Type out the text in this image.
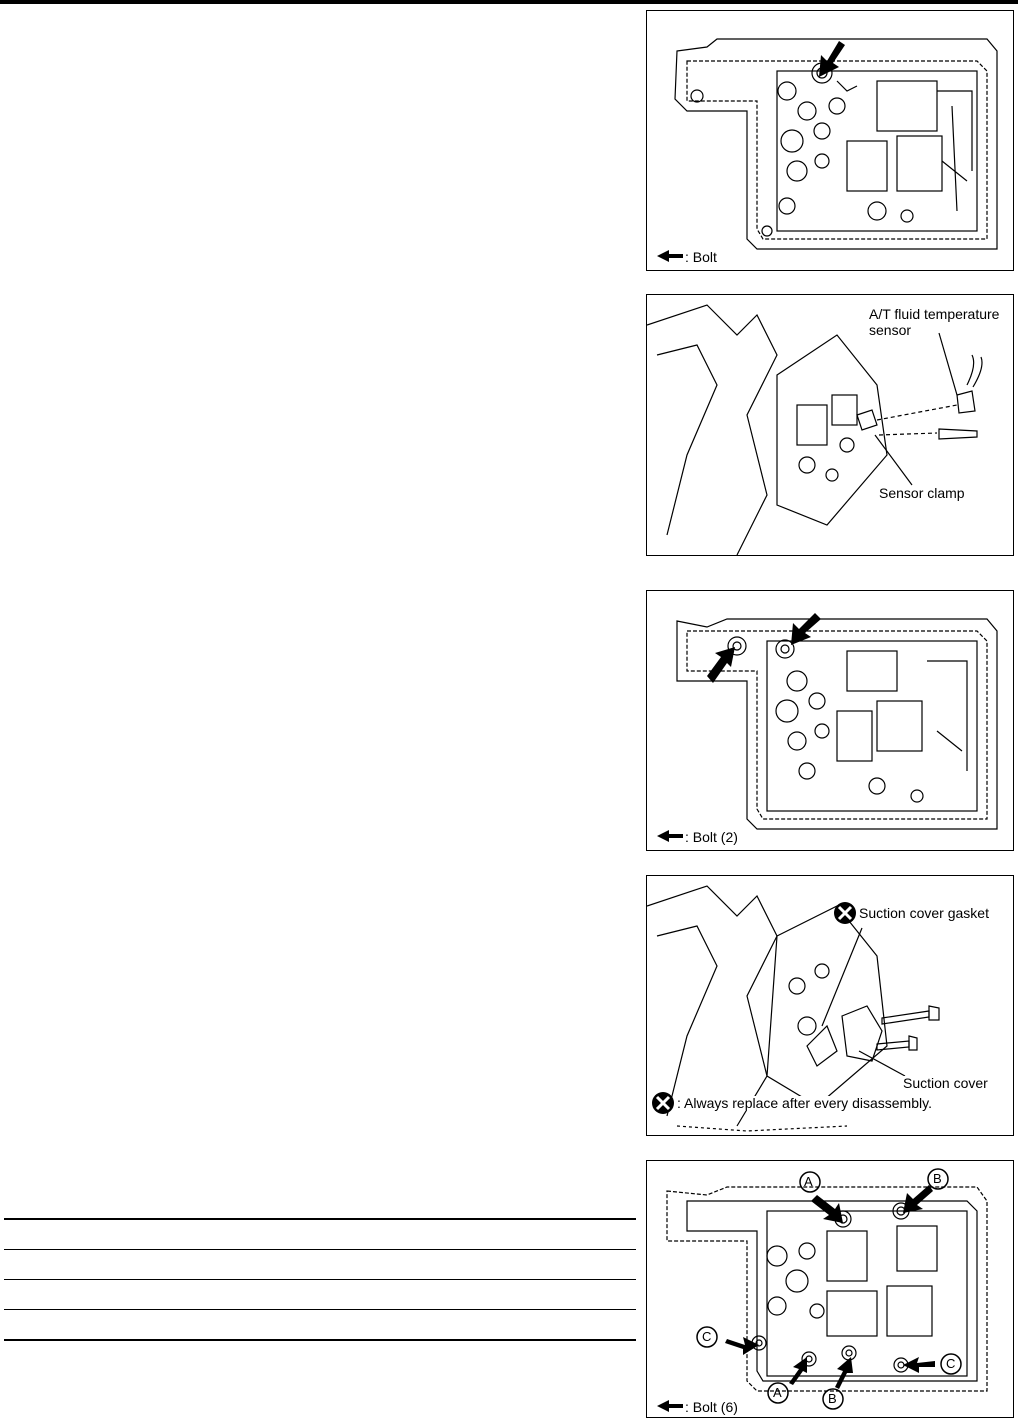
: Bolt
A/T fluid temperature
sensor
Sensor clamp
: Bolt (2)
Suction cover gasket
Suction cover
: Always replace after every disassembly.
A	B
C
A	B
C
: Bolt (6)
